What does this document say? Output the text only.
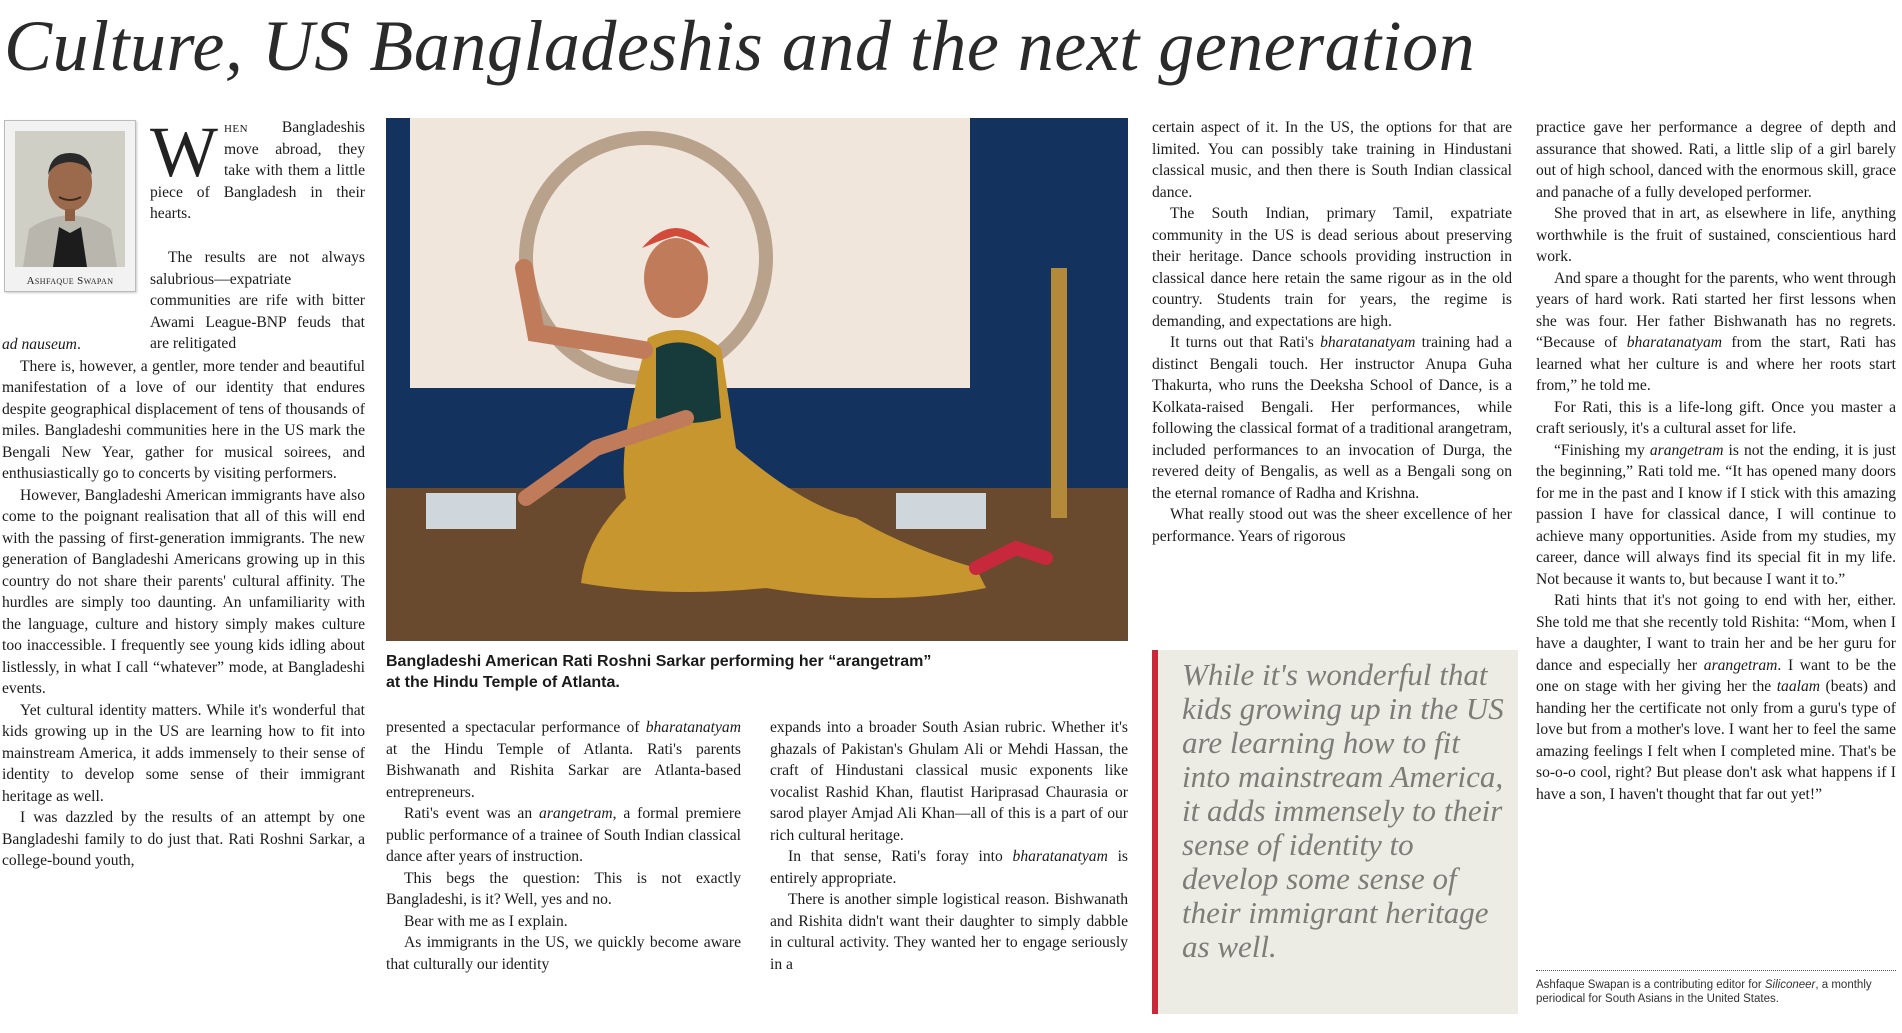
Culture, US Bangladeshis and the next generation
Ashfaque Swapan

When Bangladeshis move abroad, they take with them a little piece of Bangladesh in their hearts.

The results are not always salubrious—expatriate communities are rife with bitter Awami League-BNP feuds that are relitigated

ad nauseum.

There is, however, a gentler, more tender and beautiful manifestation of a love of our identity that endures despite geographical displacement of tens of thousands of miles. Bangladeshi communities here in the US mark the Bengali New Year, gather for musical soirees, and enthusiastically go to concerts by visiting performers.

However, Bangladeshi American immigrants have also come to the poignant realisation that all of this will end with the passing of first-generation immigrants. The new generation of Bangladeshi Americans growing up in this country do not share their parents' cultural affinity. The hurdles are simply too daunting. An unfamiliarity with the language, culture and history simply makes culture too inaccessible. I frequently see young kids idling about listlessly, in what I call “whatever” mode, at Bangladeshi events.

Yet cultural identity matters. While it's wonderful that kids growing up in the US are learning how to fit into mainstream America, it adds immensely to their sense of identity to develop some sense of their immigrant heritage as well.

I was dazzled by the results of an attempt by one Bangladeshi family to do just that. Rati Roshni Sarkar, a college-bound youth,

Bangladeshi American Rati Roshni Sarkar performing her “arangetram”
at the Hindu Temple of Atlanta.

presented a spectacular performance of bharatanatyam at the Hindu Temple of Atlanta. Rati's parents Bishwanath and Rishita Sarkar are Atlanta-based entrepreneurs.

Rati's event was an arangetram, a formal premiere public performance of a trainee of South Indian classical dance after years of instruction.

This begs the question: This is not exactly Bangladeshi, is it? Well, yes and no.

Bear with me as I explain.

As immigrants in the US, we quickly become aware that culturally our identity

expands into a broader South Asian rubric. Whether it's ghazals of Pakistan's Ghulam Ali or Mehdi Hassan, the craft of Hindustani classical music exponents like vocalist Rashid Khan, flautist Hariprasad Chaurasia or sarod player Amjad Ali Khan—all of this is a part of our rich cultural heritage.

In that sense, Rati's foray into bharatanatyam is entirely appropriate.

There is another simple logistical reason. Bishwanath and Rishita didn't want their daughter to simply dabble in cultural activity. They wanted her to engage seriously in a

certain aspect of it. In the US, the options for that are limited. You can possibly take training in Hindustani classical music, and then there is South Indian classical dance.

The South Indian, primary Tamil, expatriate community in the US is dead serious about preserving their heritage. Dance schools providing instruction in classical dance here retain the same rigour as in the old country. Students train for years, the regime is demanding, and expectations are high.

It turns out that Rati's bharatanatyam training had a distinct Bengali touch. Her instructor Anupa Guha Thakurta, who runs the Deeksha School of Dance, is a Kolkata-raised Bengali. Her performances, while following the classical format of a traditional arangetram, included performances to an invocation of Durga, the revered deity of Bengalis, as well as a Bengali song on the eternal romance of Radha and Krishna.

What really stood out was the sheer excellence of her performance. Years of rigorous

While it's wonderful that kids growing up in the US are learning how to fit into mainstream America, it adds immensely to their sense of identity to develop some sense of their immigrant heritage as well.

practice gave her performance a degree of depth and assurance that showed. Rati, a little slip of a girl barely out of high school, danced with the enormous skill, grace and panache of a fully developed performer.

She proved that in art, as elsewhere in life, anything worthwhile is the fruit of sustained, conscientious hard work.

And spare a thought for the parents, who went through years of hard work. Rati started her first lessons when she was four. Her father Bishwanath has no regrets. “Because of bharatanatyam from the start, Rati has learned what her culture is and where her roots start from,” he told me.

For Rati, this is a life-long gift. Once you master a craft seriously, it's a cultural asset for life.

“Finishing my arangetram is not the ending, it is just the beginning,” Rati told me. “It has opened many doors for me in the past and I know if I stick with this amazing passion I have for classical dance, I will continue to achieve many opportunities. Aside from my studies, my career, dance will always find its special fit in my life. Not because it wants to, but because I want it to.”

Rati hints that it's not going to end with her, either. She told me that she recently told Rishita: “Mom, when I have a daughter, I want to train her and be her guru for dance and especially her arangetram. I want to be the one on stage with her giving her the taalam (beats) and handing her the certificate not only from a guru's type of love but from a mother's love. I want her to feel the same amazing feelings I felt when I completed mine. That's be so-o-o cool, right? But please don't ask what happens if I have a son, I haven't thought that far out yet!”

Ashfaque Swapan is a contributing editor for Siliconeer, a monthly periodical for South Asians in the United States.
